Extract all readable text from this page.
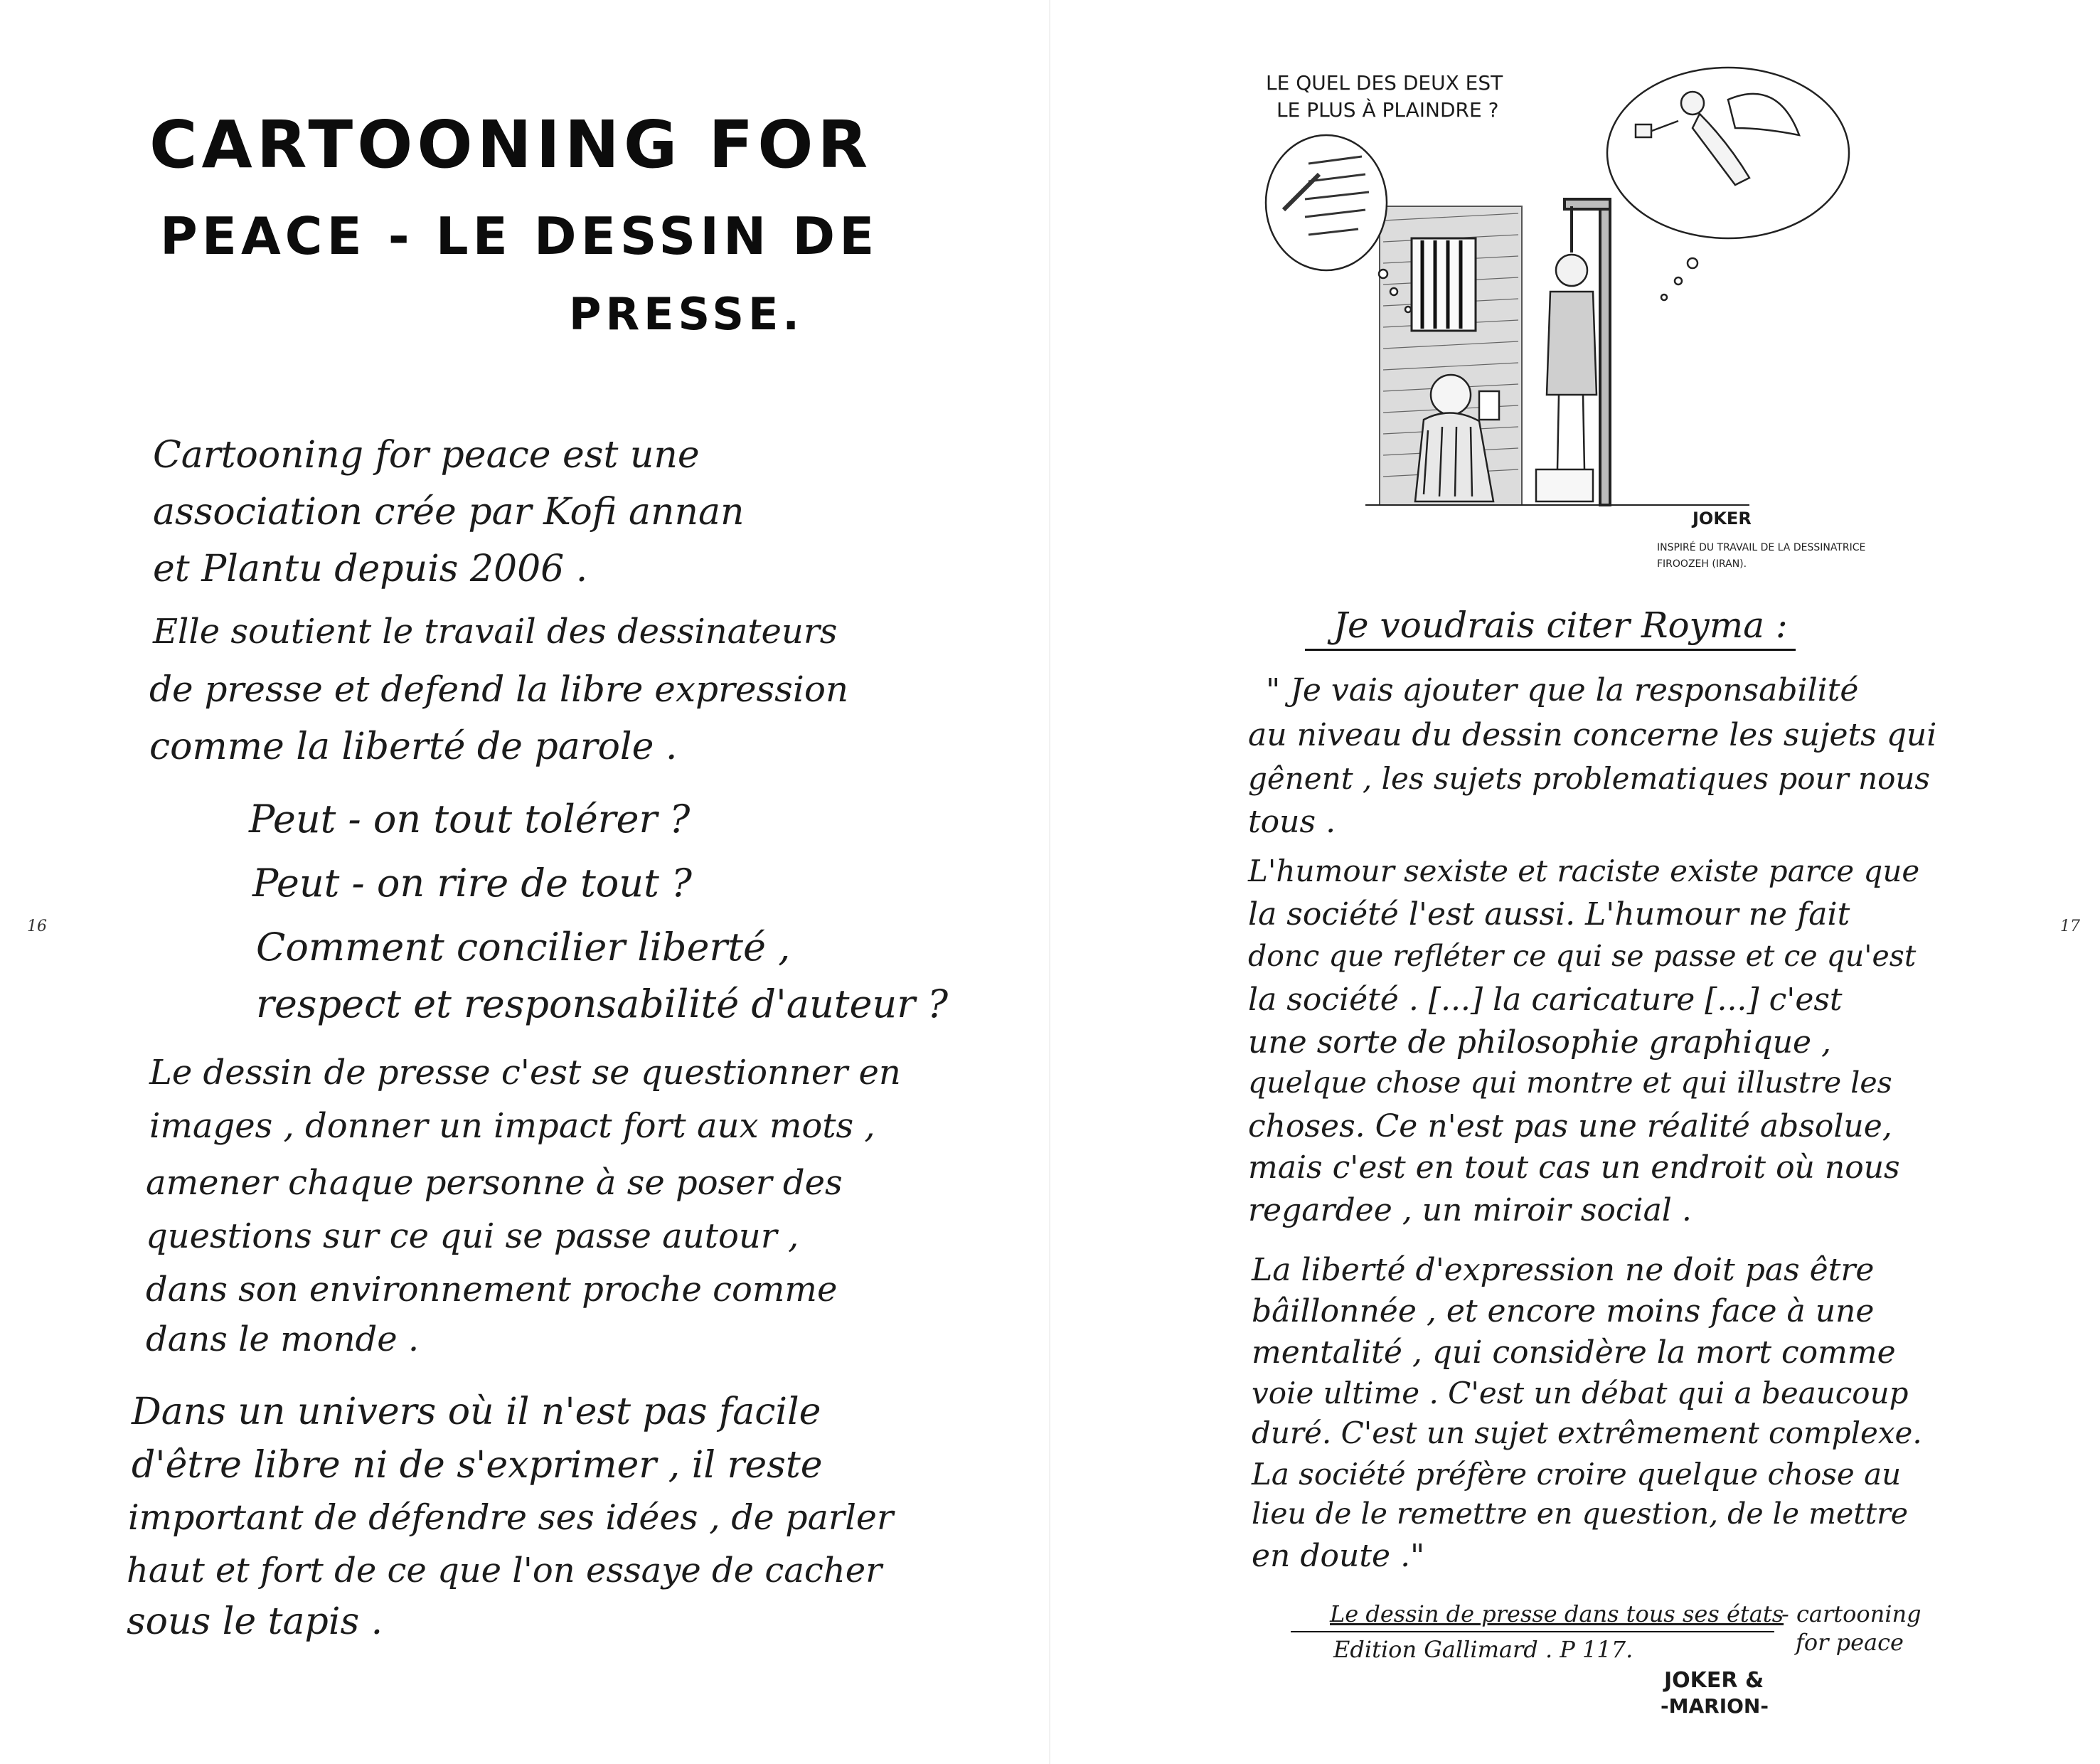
CARTOONING FOR
PEACE - LE DESSIN DE
PRESSE.
Cartooning for peace est une
association crée par Kofi annan
et Plantu depuis 2006 .
Elle soutient le travail des dessinateurs
de presse et defend la libre expression
comme la liberté de parole .
Peut - on tout tolérer ?
Peut - on rire de tout ?
Comment concilier liberté ,
respect et responsabilité d'auteur ?
Le dessin de presse c'est se questionner en
images , donner un impact fort aux mots ,
amener chaque personne à se poser des
questions sur ce qui se passe autour ,
dans son environnement proche comme
dans le monde .
Dans un univers où il n'est pas facile
d'être libre ni de s'exprimer , il reste
important de défendre ses idées , de parler
haut et fort de ce que l'on essaye de cacher
sous le tapis .
16	17
LE QUEL DES DEUX EST
LE PLUS À PLAINDRE ?
JOKER
INSPIRÉ DU TRAVAIL DE LA DESSINATRICE
FIROOZEH (IRAN).
Je voudrais citer Royma :
" Je vais ajouter que la responsabilité
au niveau du dessin concerne les sujets qui
gênent , les sujets problematiques pour nous
tous .
L'humour sexiste et raciste existe parce que
la société l'est aussi. L'humour ne fait
donc que refléter ce qui se passe et ce qu'est
la société . [...] la caricature [...] c'est
une sorte de philosophie graphique ,
quelque chose qui montre et qui illustre les
choses. Ce n'est pas une réalité absolue,
mais c'est en tout cas un endroit où nous
regardee , un miroir social .
La liberté d'expression ne doit pas être
bâillonnée , et encore moins face à une
mentalité , qui considère la mort comme
voie ultime . C'est un débat qui a beaucoup
duré. C'est un sujet extrêmement complexe.
La société préfère croire quelque chose au
lieu de le remettre en question, de le mettre
en doute ."
Le dessin de presse dans tous ses états
- cartooning
for peace
Edition Gallimard . P 117.
JOKER &
-MARION-
